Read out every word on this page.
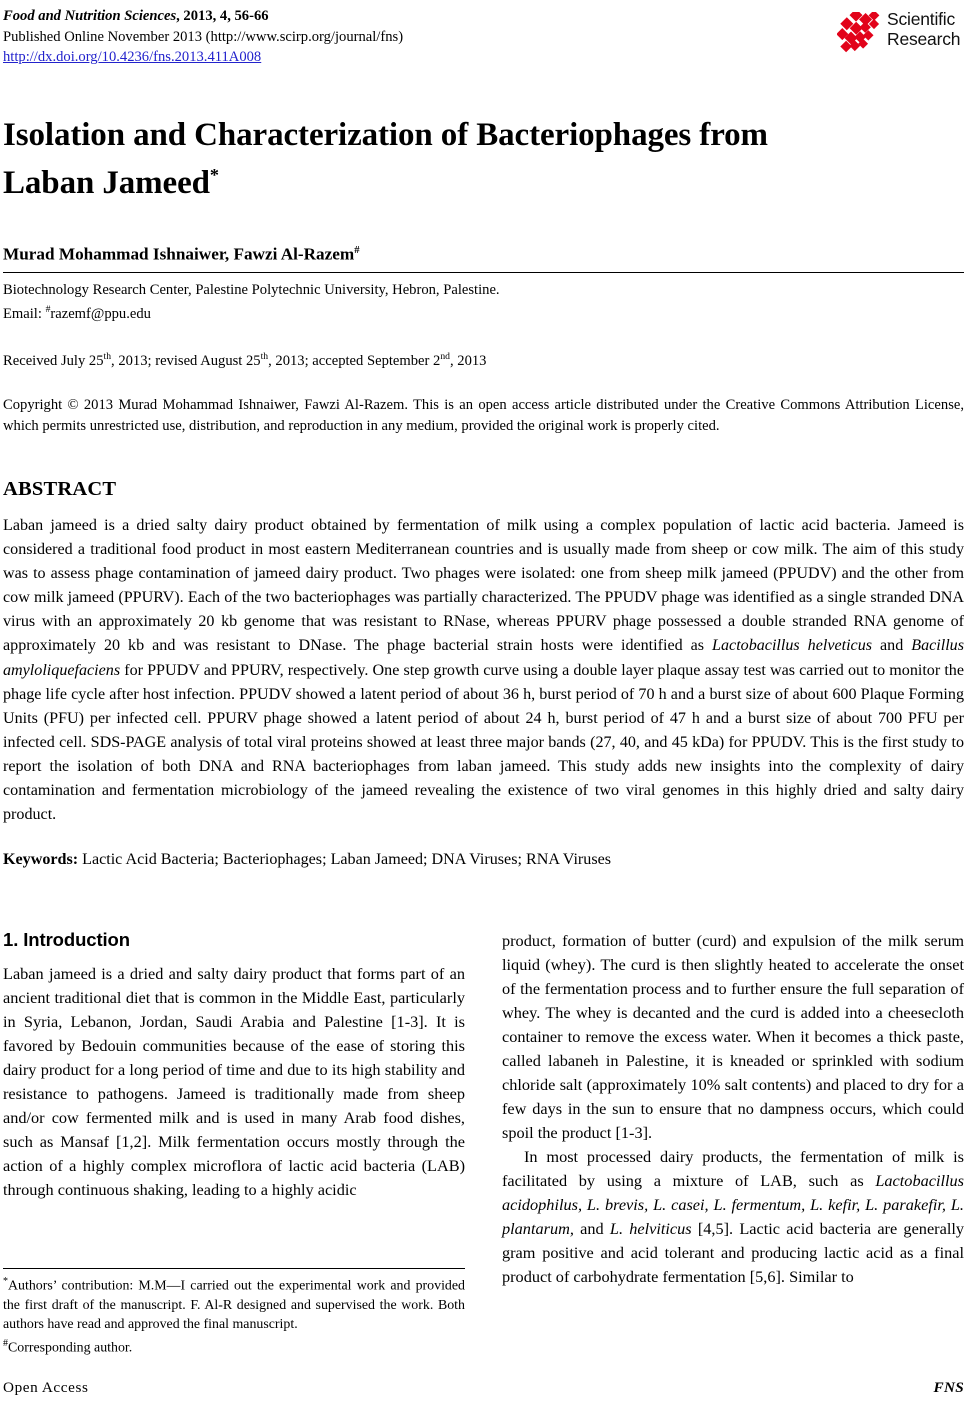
Food and Nutrition Sciences, 2013, 4, 56-66
Published Online November 2013 (http://www.scirp.org/journal/fns)
http://dx.doi.org/10.4236/fns.2013.411A008
Scientific
Research
Isolation and Characterization of Bacteriophages from
Laban Jameed*
Murad Mohammad Ishnaiwer, Fawzi Al-Razem#
Biotechnology Research Center, Palestine Polytechnic University, Hebron, Palestine.
Email: #razemf@ppu.edu
Received July 25th, 2013; revised August 25th, 2013; accepted September 2nd, 2013
Copyright © 2013 Murad Mohammad Ishnaiwer, Fawzi Al-Razem. This is an open access article distributed under the Creative Commons Attribution License, which permits unrestricted use, distribution, and reproduction in any medium, provided the original work is properly cited.
ABSTRACT
Laban jameed is a dried salty dairy product obtained by fermentation of milk using a complex population of lactic acid bacteria. Jameed is considered a traditional food product in most eastern Mediterranean countries and is usually made from sheep or cow milk. The aim of this study was to assess phage contamination of jameed dairy product. Two phages were isolated: one from sheep milk jameed (PPUDV) and the other from cow milk jameed (PPURV). Each of the two bacteriophages was partially characterized. The PPUDV phage was identified as a single stranded DNA virus with an approximately 20 kb genome that was resistant to RNase, whereas PPURV phage possessed a double stranded RNA genome of approximately 20 kb and was resistant to DNase. The phage bacterial strain hosts were identified as Lactobacillus helveticus and Bacillus amyloliquefaciens for PPUDV and PPURV, respectively. One step growth curve using a double layer plaque assay test was carried out to monitor the phage life cycle after host infection. PPUDV showed a latent period of about 36 h, burst period of 70 h and a burst size of about 600 Plaque Forming Units (PFU) per infected cell. PPURV phage showed a latent period of about 24 h, burst period of 47 h and a burst size of about 700 PFU per infected cell. SDS-PAGE analysis of total viral proteins showed at least three major bands (27, 40, and 45 kDa) for PPUDV. This is the first study to report the isolation of both DNA and RNA bacteriophages from laban jameed. This study adds new insights into the complexity of dairy contamination and fermentation microbiology of the jameed revealing the existence of two viral genomes in this highly dried and salty dairy product.
Keywords: Lactic Acid Bacteria; Bacteriophages; Laban Jameed; DNA Viruses; RNA Viruses
1. Introduction

Laban jameed is a dried and salty dairy product that forms part of an ancient traditional diet that is common in the Middle East, particularly in Syria, Lebanon, Jordan, Saudi Arabia and Palestine [1-3]. It is favored by Bedouin communities because of the ease of storing this dairy product for a long period of time and due to its high stability and resistance to pathogens. Jameed is traditionally made from sheep and/or cow fermented milk and is used in many Arab food dishes, such as Mansaf [1,2]. Milk fermentation occurs mostly through the action of a highly complex microflora of lactic acid bacteria (LAB) through continuous shaking, leading to a highly acidic

product, formation of butter (curd) and expulsion of the milk serum liquid (whey). The curd is then slightly heated to accelerate the onset of the fermentation process and to further ensure the full separation of whey. The whey is decanted and the curd is added into a cheesecloth container to remove the excess water. When it becomes a thick paste, called labaneh in Palestine, it is kneaded or sprinkled with sodium chloride salt (approximately 10% salt contents) and placed to dry for a few days in the sun to ensure that no dampness occurs, which could spoil the product [1-3].

In most processed dairy products, the fermentation of milk is facilitated by using a mixture of LAB, such as Lactobacillus acidophilus, L. brevis, L. casei, L. fermentum, L. kefir, L. parakefir, L. plantarum, and L. helviticus [4,5]. Lactic acid bacteria are generally gram positive and acid tolerant and producing lactic acid as a final product of carbohydrate fermentation [5,6]. Similar to

*Authors’ contribution: M.M—I carried out the experimental work and provided the first draft of the manuscript. F. Al-R designed and supervised the work. Both authors have read and approved the final manuscript.

#Corresponding author.

Open Access	FNS
